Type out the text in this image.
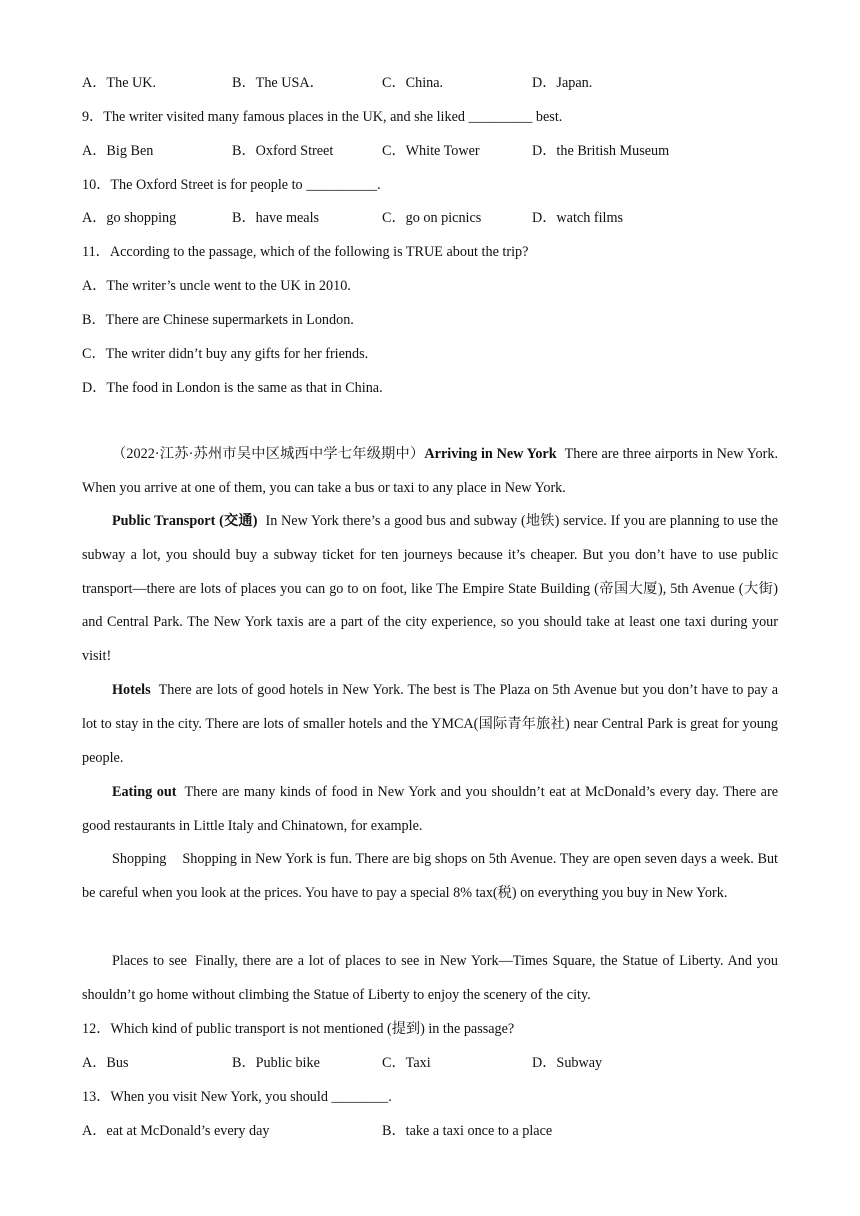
A．The UK.	B．The USA．	C．China.	D．Japan.
9．The writer visited many famous places in the UK, and she liked _________ best.
A．Big Ben	B．Oxford Street	C．White Tower	D．the British Museum
10．The Oxford Street is for people to __________.
A．go shopping	B．have meals	C．go on picnics	D．watch films
11．According to the passage, which of the following is TRUE about the trip?
A．The writer’s uncle went to the UK in 2010.
B．There are Chinese supermarkets in London.
C．The writer didn’t buy any gifts for her friends.
D．The food in London is the same as that in China.
（2022·江苏·苏州市吴中区城西中学七年级期中）Arriving in New York There are three airports in New York. When you arrive at one of them, you can take a bus or taxi to any place in New York.
Public Transport (交通) In New York there’s a good bus and subway (地铁) service. If you are planning to use the subway a lot, you should buy a subway ticket for ten journeys because it’s cheaper. But you don’t have to use public transport—there are lots of places you can go to on foot, like The Empire State Building (帝国大厦), 5th Avenue (大街) and Central Park. The New York taxis are a part of the city experience, so you should take at least one taxi during your visit!
Hotels There are lots of good hotels in New York. The best is The Plaza on 5th Avenue but you don’t have to pay a lot to stay in the city. There are lots of smaller hotels and the YMCA(国际青年旅社) near Central Park is great for young people.
Eating out There are many kinds of food in New York and you shouldn’t eat at McDonald’s every day. There are good restaurants in Little Italy and Chinatown, for example.
Shopping Shopping in New York is fun. There are big shops on 5th Avenue. They are open seven days a week. But be careful when you look at the prices. You have to pay a special 8% tax(税) on everything you buy in New York.
Places to see Finally, there are a lot of places to see in New York—Times Square, the Statue of Liberty. And you shouldn’t go home without climbing the Statue of Liberty to enjoy the scenery of the city.
12．Which kind of public transport is not mentioned (提到) in the passage?
A．Bus	B．Public bike	C．Taxi	D．Subway
13．When you visit New York, you should ________.
A．eat at McDonald’s every day	B．take a taxi once to a place
